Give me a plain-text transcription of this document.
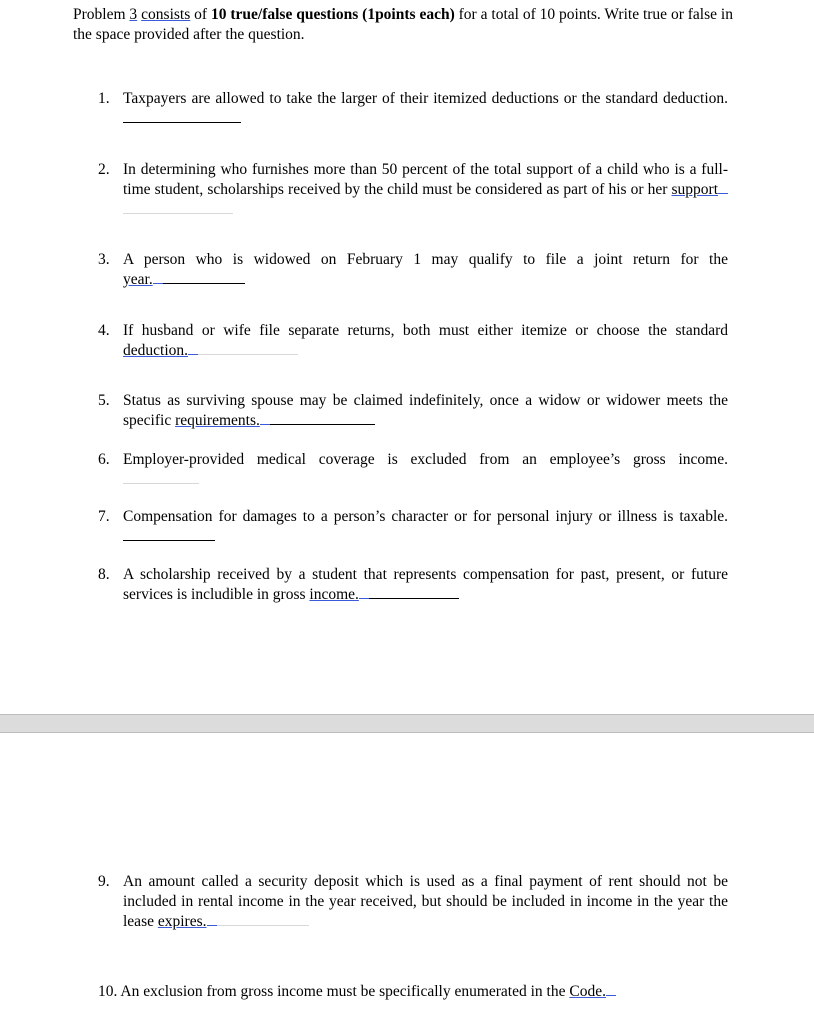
Problem 3 consists of 10 true/false questions (1points each) for a total of 10 points. Write true or false in the space provided after the question.
1. Taxpayers are allowed to take the larger of their itemized deductions or the standard deduction.
2. In determining who furnishes more than 50 percent of the total support of a child who is a full-time student, scholarships received by the child must be considered as part of his or her support
3. A person who is widowed on February 1 may qualify to file a joint return for the
year.
4. If husband or wife file separate returns, both must either itemize or choose the standard
deduction.
5. Status as surviving spouse may be claimed indefinitely, once a widow or widower meets the specific requirements.
6. Employer-provided medical coverage is excluded from an employee’s gross income.
7. Compensation for damages to a person’s character or for personal injury or illness is taxable.
8. A scholarship received by a student that represents compensation for past, present, or future services is includible in gross income.
9. An amount called a security deposit which is used as a final payment of rent should not be included in rental income in the year received, but should be included in income in the year the lease expires.
10. An exclusion from gross income must be specifically enumerated in the Code.
